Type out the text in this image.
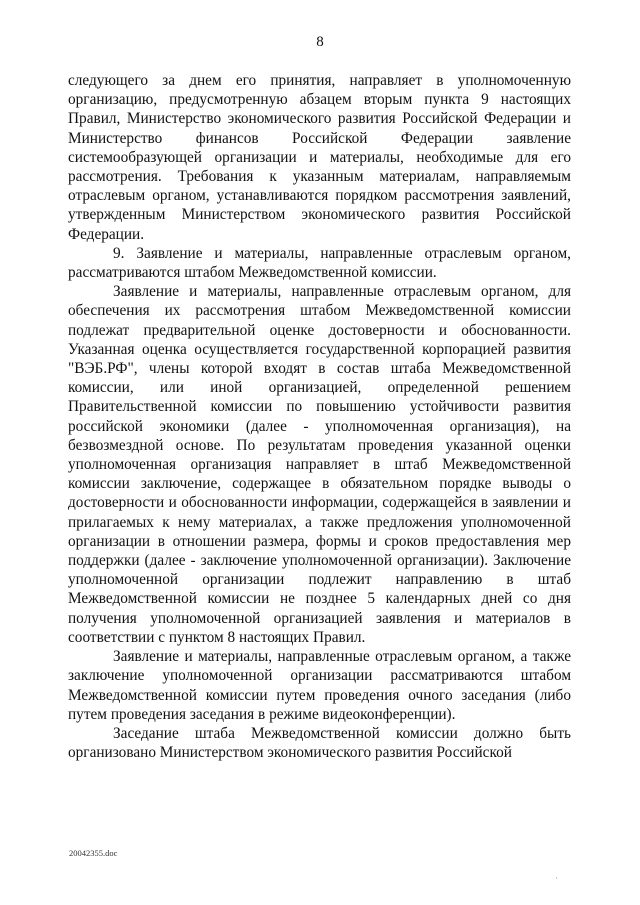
8

следующего за днем его принятия, направляет в уполномоченную организацию, предусмотренную абзацем вторым пункта 9 настоящих Правил, Министерство экономического развития Российской Федерации и Министерство финансов Российской Федерации заявление системообразующей организации и материалы, необходимые для его рассмотрения. Требования к указанным материалам, направляемым отраслевым органом, устанавливаются порядком рассмотрения заявлений, утвержденным Министерством экономического развития Российской Федерации.

9. Заявление и материалы, направленные отраслевым органом, рассматриваются штабом Межведомственной комиссии.

Заявление и материалы, направленные отраслевым органом, для обеспечения их рассмотрения штабом Межведомственной комиссии подлежат предварительной оценке достоверности и обоснованности. Указанная оценка осуществляется государственной корпорацией развития "ВЭБ.РФ", члены которой входят в состав штаба Межведомственной комиссии, или иной организацией, определенной решением Правительственной комиссии по повышению устойчивости развития российской экономики (далее - уполномоченная организация), на безвозмездной основе. По результатам проведения указанной оценки уполномоченная организация направляет в штаб Межведомственной комиссии заключение, содержащее в обязательном порядке выводы о достоверности и обоснованности информации, содержащейся в заявлении и прилагаемых к нему материалах, а также предложения уполномоченной организации в отношении размера, формы и сроков предоставления мер поддержки (далее - заключение уполномоченной организации). Заключение уполномоченной организации подлежит направлению в штаб Межведомственной комиссии не позднее 5 календарных дней со дня получения уполномоченной организацией заявления и материалов в соответствии с пунктом 8 настоящих Правил.

Заявление и материалы, направленные отраслевым органом, а также заключение уполномоченной организации рассматриваются штабом Межведомственной комиссии путем проведения очного заседания (либо путем проведения заседания в режиме видеоконференции).

Заседание штаба Межведомственной комиссии должно быть организовано Министерством экономического развития Российской

20042355.doc
ʹ
